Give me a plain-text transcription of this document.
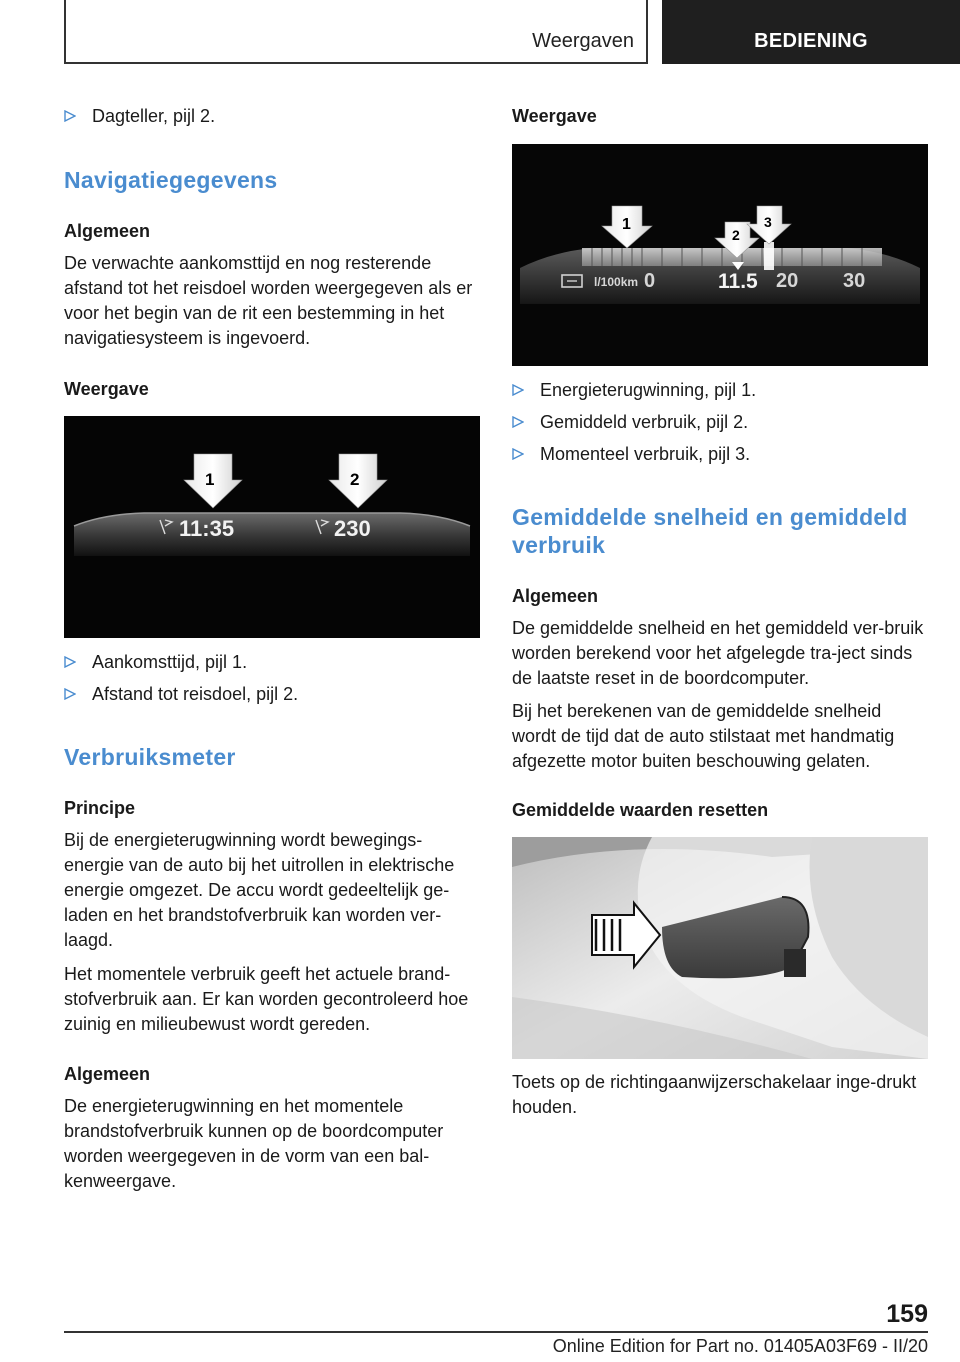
Weergaven	BEDIENING
Dagteller, pijl 2.
Navigatiegegevens
Algemeen
De verwachte aankomsttijd en nog resterende afstand tot het reisdoel worden weergegeven als er voor het begin van de rit een bestemming in het navigatiesysteem is ingevoerd.
Weergave
1	2
11:35	230
Aankomsttijd, pijl 1.
Afstand tot reisdoel, pijl 2.
Verbruiksmeter
Principe
Bij de energieterugwinning wordt bewegings-energie van de auto bij het uitrollen in elektrische energie omgezet. De accu wordt gedeeltelijk ge-laden en het brandstofverbruik kan worden ver-laagd.
Het momentele verbruik geeft het actuele brand-stofverbruik aan. Er kan worden gecontroleerd hoe zuinig en milieubewust wordt gereden.
Algemeen
De energieterugwinning en het momentele brandstofverbruik kunnen op de boordcomputer worden weergegeven in de vorm van een bal-kenweergave.
Weergave
1
2
3
l/100km 0	11.5 20 30
Energieterugwinning, pijl 1.
Gemiddeld verbruik, pijl 2.
Momenteel verbruik, pijl 3.
Gemiddelde snelheid en gemiddeld verbruik
Algemeen
De gemiddelde snelheid en het gemiddeld ver-bruik worden berekend voor het afgelegde tra-ject sinds de laatste reset in de boordcomputer.
Bij het berekenen van de gemiddelde snelheid wordt de tijd dat de auto stilstaat met handmatig afgezette motor buiten beschouwing gelaten.
Gemiddelde waarden resetten
Toets op de richtingaanwijzerschakelaar inge-drukt houden.
159
Online Edition for Part no. 01405A03F69 - II/20
